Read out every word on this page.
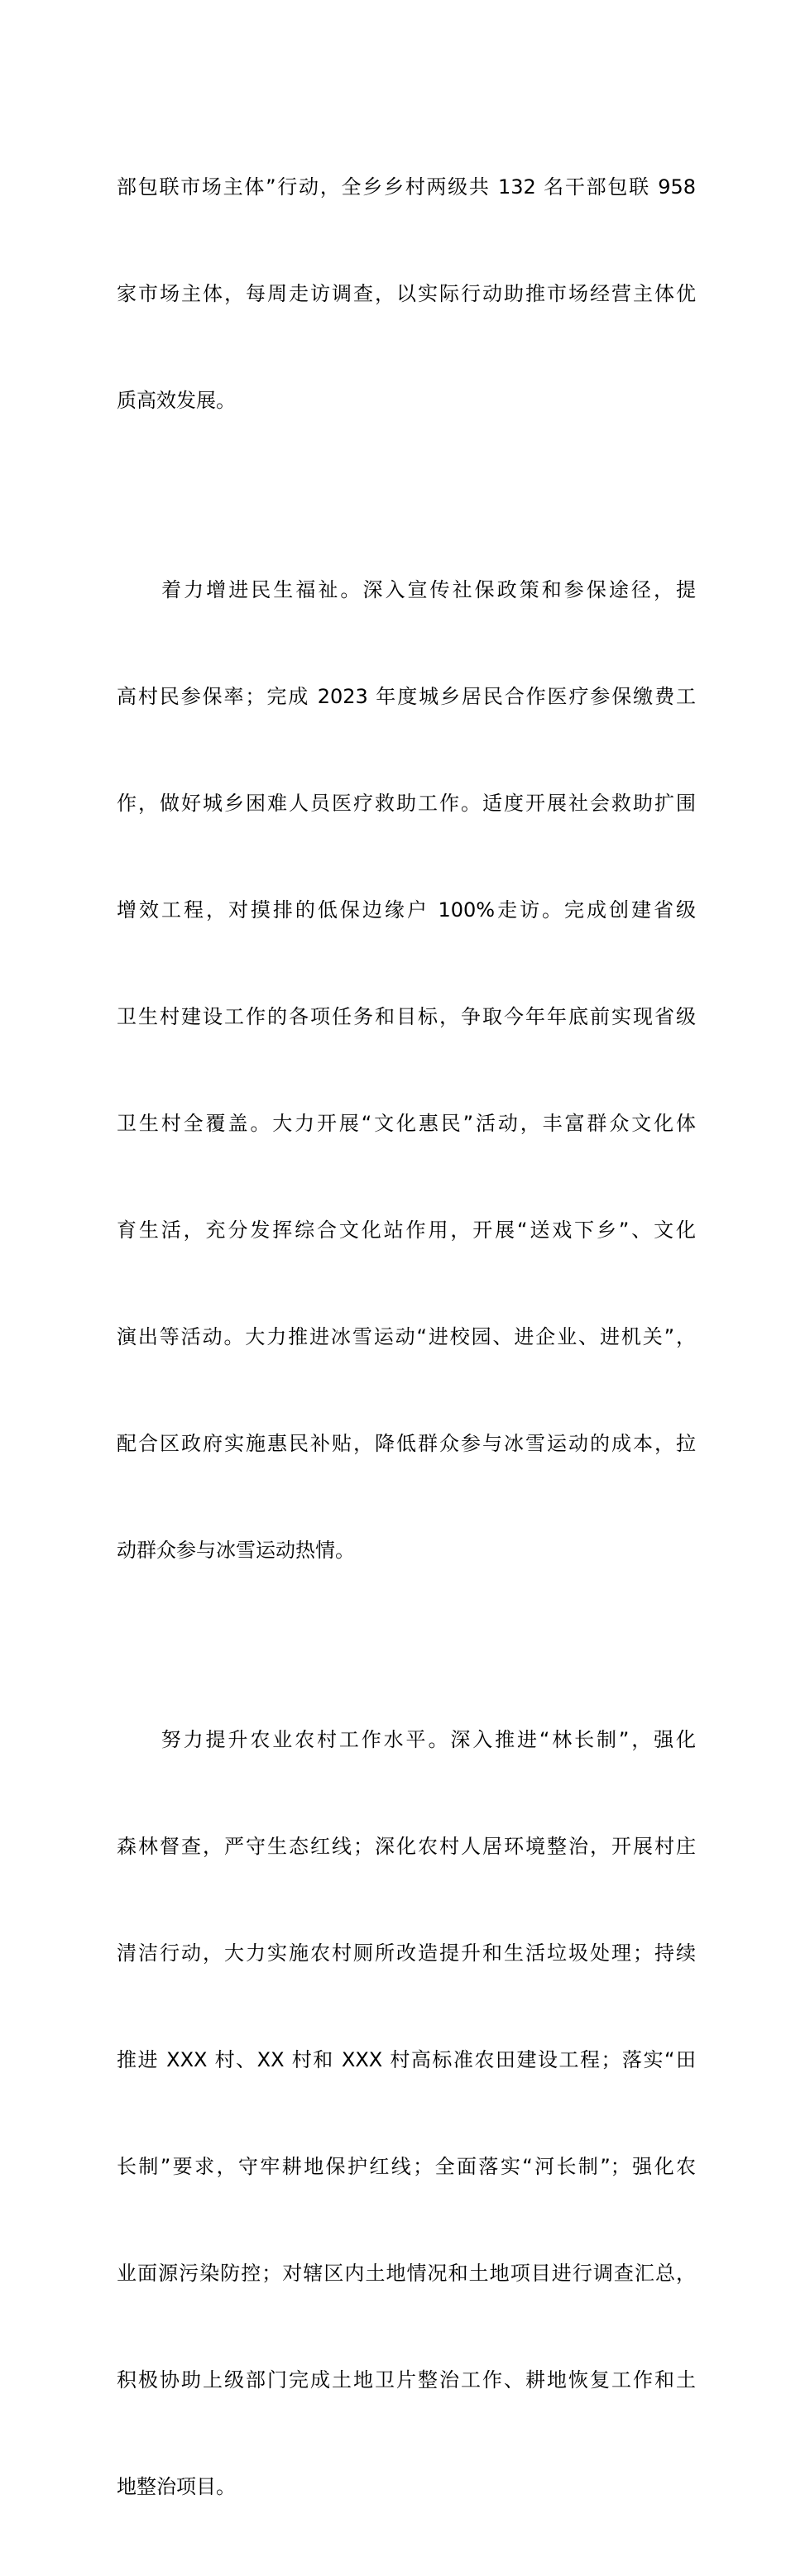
部包联市场主体”行动，全乡乡村两级共 132 名干部包联 958

家市场主体，每周走访调查，以实际行动助推市场经营主体优

质高效发展。

　　着力增进民生福祉。深入宣传社保政策和参保途径，提

高村民参保率；完成 2023 年度城乡居民合作医疗参保缴费工

作，做好城乡困难人员医疗救助工作。适度开展社会救助扩围

增效工程，对摸排的低保边缘户 100%走访。完成创建省级

卫生村建设工作的各项任务和目标，争取今年年底前实现省级

卫生村全覆盖。大力开展“文化惠民”活动，丰富群众文化体

育生活，充分发挥综合文化站作用，开展“送戏下乡”、文化

演出等活动。大力推进冰雪运动“进校园、进企业、进机关”，

配合区政府实施惠民补贴，降低群众参与冰雪运动的成本，拉

动群众参与冰雪运动热情。

　　努力提升农业农村工作水平。深入推进“林长制”，强化

森林督查，严守生态红线；深化农村人居环境整治，开展村庄

清洁行动，大力实施农村厕所改造提升和生活垃圾处理；持续

推进 XXX 村、XX 村和 XXX 村高标准农田建设工程；落实“田

长制”要求，守牢耕地保护红线；全面落实“河长制”；强化农

业面源污染防控；对辖区内土地情况和土地项目进行调查汇总，

积极协助上级部门完成土地卫片整治工作、耕地恢复工作和土

地整治项目。
